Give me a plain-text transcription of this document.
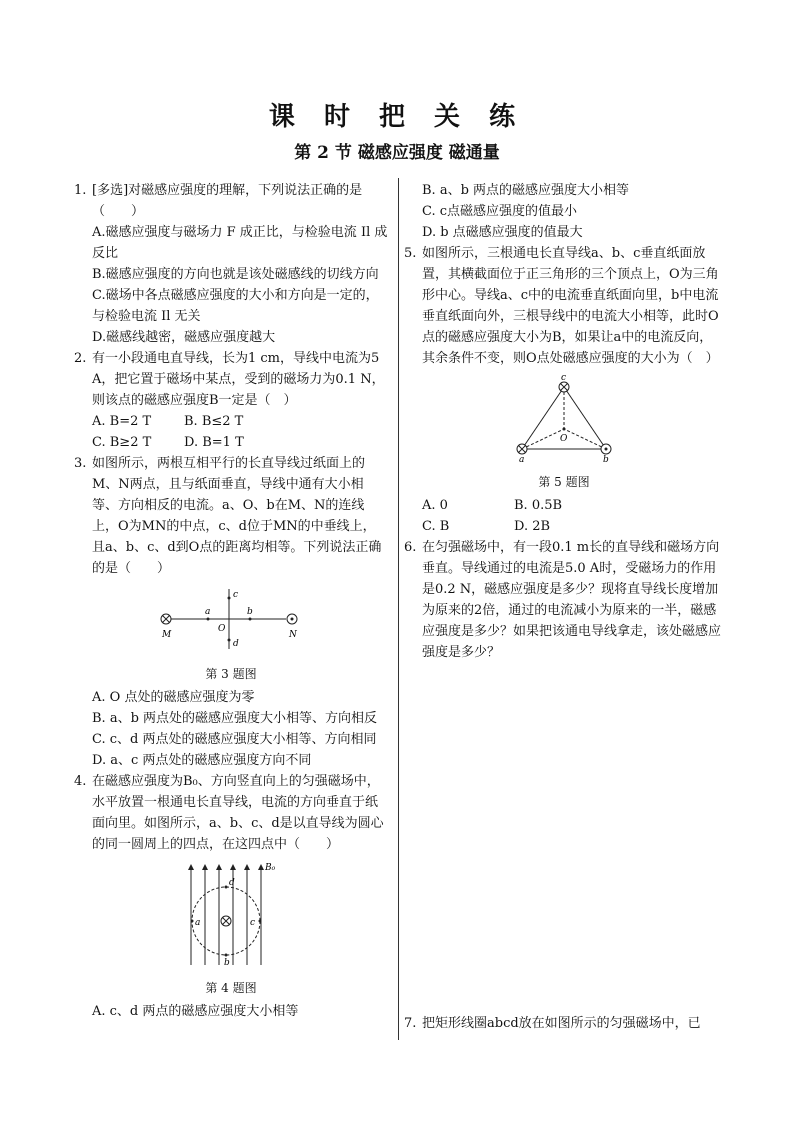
课 时 把 关 练
第 2 节 磁感应强度 磁通量
1. [多选]对磁感应强度的理解，下列说法正确的是（　　）

A.磁感应强度与磁场力 F 成正比，与检验电流 Il 成反比

B.磁感应强度的方向也就是该处磁感线的切线方向

C.磁场中各点磁感应强度的大小和方向是一定的，与检验电流 Il 无关

D.磁感线越密，磁感应强度越大

2. 有一小段通电直导线，长为1 cm，导线中电流为5 A，把它置于磁场中某点，受到的磁场力为0.1 N，则该点的磁感应强度B一定是（　）
A. B=2 T	B. B≤2 T
C. B≥2 T	D. B=1 T
3. 如图所示，两根互相平行的长直导线过纸面上的M、N两点，且与纸面垂直，导线中通有大小相等、方向相反的电流。a、O、b在M、N的连线上，O为MN的中点，c、d位于MN的中垂线上，且a、b、c、d到O点的距离均相等。下列说法正确的是（　　）
M	N
a	b
c
d
O

第 3 题图

A. O 点处的磁感应强度为零

B. a、b 两点处的磁感应强度大小相等、方向相反

C. c、d 两点处的磁感应强度大小相等、方向相同

D. a、c 两点处的磁感应强度方向不同

4. 在磁感应强度为B₀、方向竖直向上的匀强磁场中，水平放置一根通电长直导线，电流的方向垂直于纸面向里。如图所示，a、b、c、d是以直导线为圆心的同一圆周上的四点，在这四点中（　　）
B₀
a	c
d
b

第 4 题图

A. c、d 两点的磁感应强度大小相等

B. a、b 两点的磁感应强度大小相等

C. c点磁感应强度的值最小

D. b 点磁感应强度的值最大

5. 如图所示，三根通电长直导线a、b、c垂直纸面放置，其横截面位于正三角形的三个顶点上，O为三角形中心。导线a、c中的电流垂直纸面向里，b中电流垂直纸面向外，三根导线中的电流大小相等，此时O点的磁感应强度大小为B，如果让a中的电流反向，其余条件不变，则O点处磁感应强度的大小为（　）
c
a	b
O

第 5 题图

A. 0	B. 0.5B
C. B	D. 2B
6. 在匀强磁场中，有一段0.1 m长的直导线和磁场方向垂直。导线通过的电流是5.0 A时，受磁场力的作用是0.2 N，磁感应强度是多少？现将直导线长度增加为原来的2倍，通过的电流减小为原来的一半，磁感应强度是多少？如果把该通电导线拿走，该处磁感应强度是多少？
7. 把矩形线圈abcd放在如图所示的匀强磁场中，已
